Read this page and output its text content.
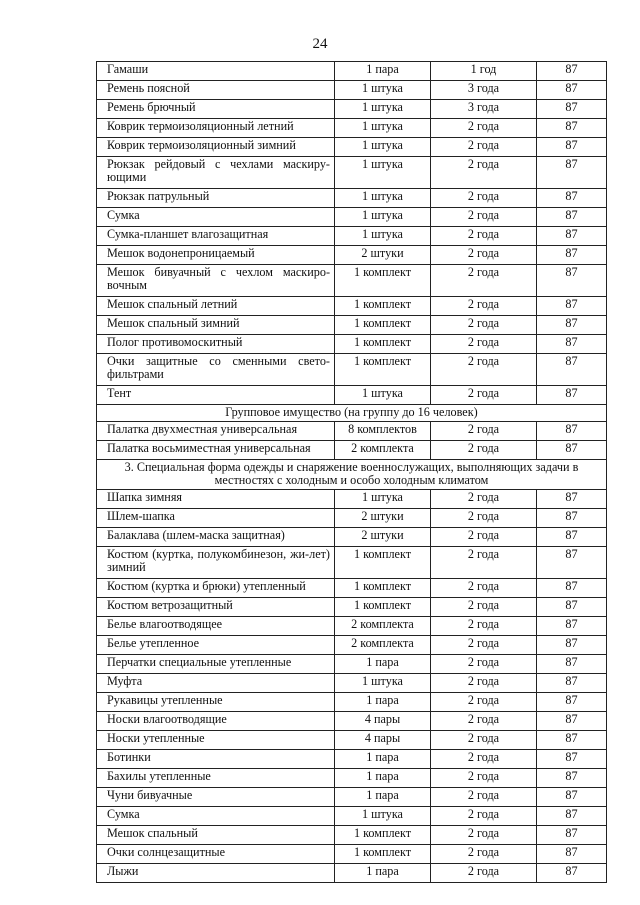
24
Гамаши	1 пара	1 год	87
Ремень поясной	1 штука	3 года	87
Ремень брючный	1 штука	3 года	87
Коврик термоизоляционный летний	1 штука	2 года	87
Коврик термоизоляционный зимний	1 штука	2 года	87
Рюкзак рейдовый с чехлами маскиру-ющими	1 штука	2 года	87
Рюкзак патрульный	1 штука	2 года	87
Сумка	1 штука	2 года	87
Сумка-планшет влагозащитная	1 штука	2 года	87
Мешок водонепроницаемый	2 штуки	2 года	87
Мешок бивуачный с чехлом маскиро-вочным	1 комплект	2 года	87
Мешок спальный летний	1 комплект	2 года	87
Мешок спальный зимний	1 комплект	2 года	87
Полог противомоскитный	1 комплект	2 года	87
Очки защитные со сменными свето-фильтрами	1 комплект	2 года	87
Тент	1 штука	2 года	87
Групповое имущество (на группу до 16 человек)			
Палатка двухместная универсальная	8 комплектов	2 года	87
Палатка восьмиместная универсальная	2 комплекта	2 года	87
3. Специальная форма одежды и снаряжение военнослужащих, выполняющих задачи в местностях с холодным и особо холодным климатом			
Шапка зимняя	1 штука	2 года	87
Шлем-шапка	2 штуки	2 года	87
Балаклава (шлем-маска защитная)	2 штуки	2 года	87
Костюм (куртка, полукомбинезон, жи-лет) зимний	1 комплект	2 года	87
Костюм (куртка и брюки) утепленный	1 комплект	2 года	87
Костюм ветрозащитный	1 комплект	2 года	87
Белье влагоотводящее	2 комплекта	2 года	87
Белье утепленное	2 комплекта	2 года	87
Перчатки специальные утепленные	1 пара	2 года	87
Муфта	1 штука	2 года	87
Рукавицы утепленные	1 пара	2 года	87
Носки влагоотводящие	4 пары	2 года	87
Носки утепленные	4 пары	2 года	87
Ботинки	1 пара	2 года	87
Бахилы утепленные	1 пара	2 года	87
Чуни бивуачные	1 пара	2 года	87
Сумка	1 штука	2 года	87
Мешок спальный	1 комплект	2 года	87
Очки солнцезащитные	1 комплект	2 года	87
Лыжи	1 пара	2 года	87
